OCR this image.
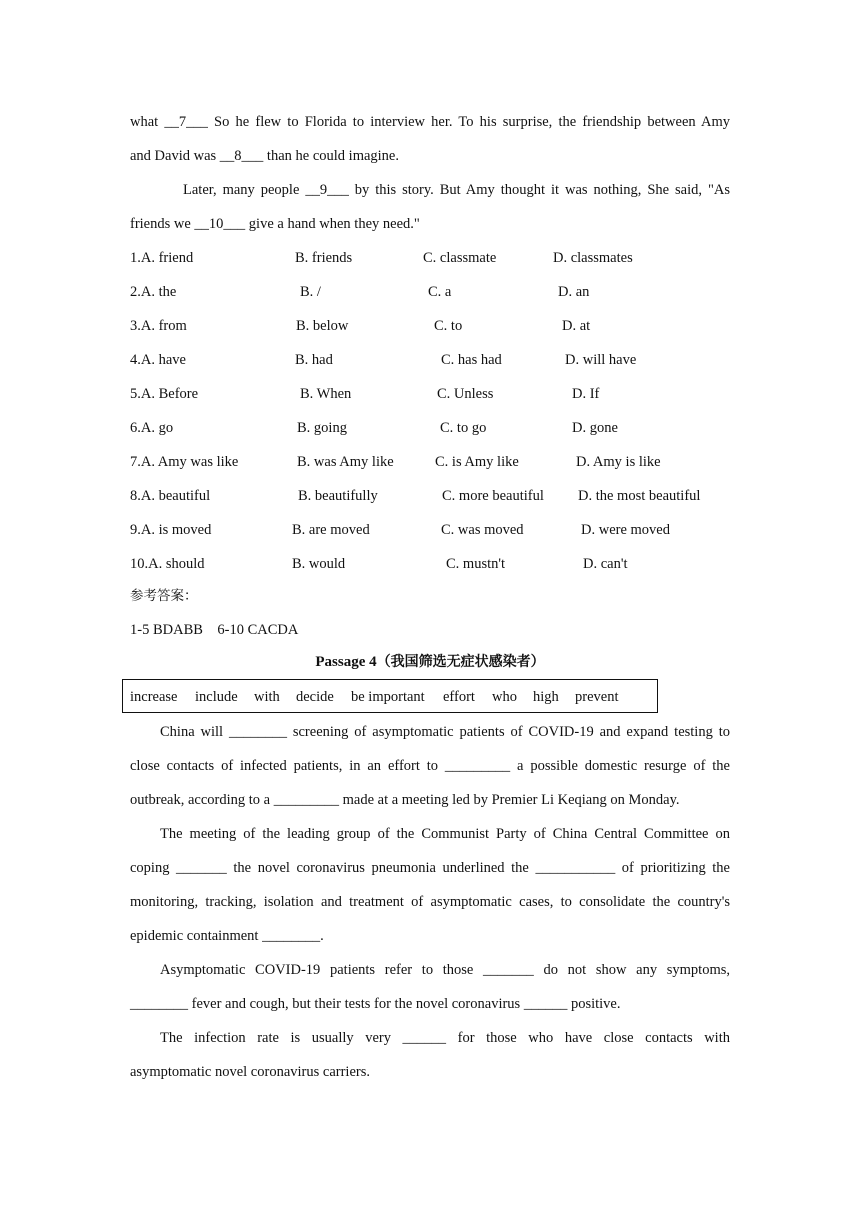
what __7___ So he flew to Florida to interview her. To his surprise, the friendship between Amy
and David was __8___ than he could imagine.
Later, many people __9___ by this story. But Amy thought it was nothing, She said, "As
friends we __10___ give a hand when they need."
1.A. friend	B. friends	C. classmate	D. classmates
2.A. the	B. /	C. a	D. an
3.A. from	B. below	C. to	D. at
4.A. have	B. had	C. has had	D. will have
5.A. Before	B. When	C. Unless	D. If
6.A. go	B. going	C. to go	D. gone
7.A. Amy was like	B. was Amy like	C. is Amy like	D. Amy is like
8.A. beautiful	B. beautifully	C. more beautiful D. the most beautiful
9.A. is moved	B. are moved	C. was moved	D. were moved
10.A. should	B. would	C. mustn't	D. can't
参考答案：
1-5 BDABB    6-10 CACDA
Passage 4（我国筛选无症状感染者）
increase include with decide be important effort who high prevent
China will ________ screening of asymptomatic patients of COVID-19 and expand testing to
close contacts of infected patients, in an effort to _________ a possible domestic resurge of the
outbreak, according to a _________ made at a meeting led by Premier Li Keqiang on Monday.
The meeting of the leading group of the Communist Party of China Central Committee on
coping _______ the novel coronavirus pneumonia underlined the ___________ of prioritizing the
monitoring, tracking, isolation and treatment of asymptomatic cases, to consolidate the country's
epidemic containment ________.
Asymptomatic COVID-19 patients refer to those _______ do not show any symptoms,
________ fever and cough, but their tests for the novel coronavirus ______ positive.
The infection rate is usually very ______ for those who have close contacts with
asymptomatic novel coronavirus carriers.
